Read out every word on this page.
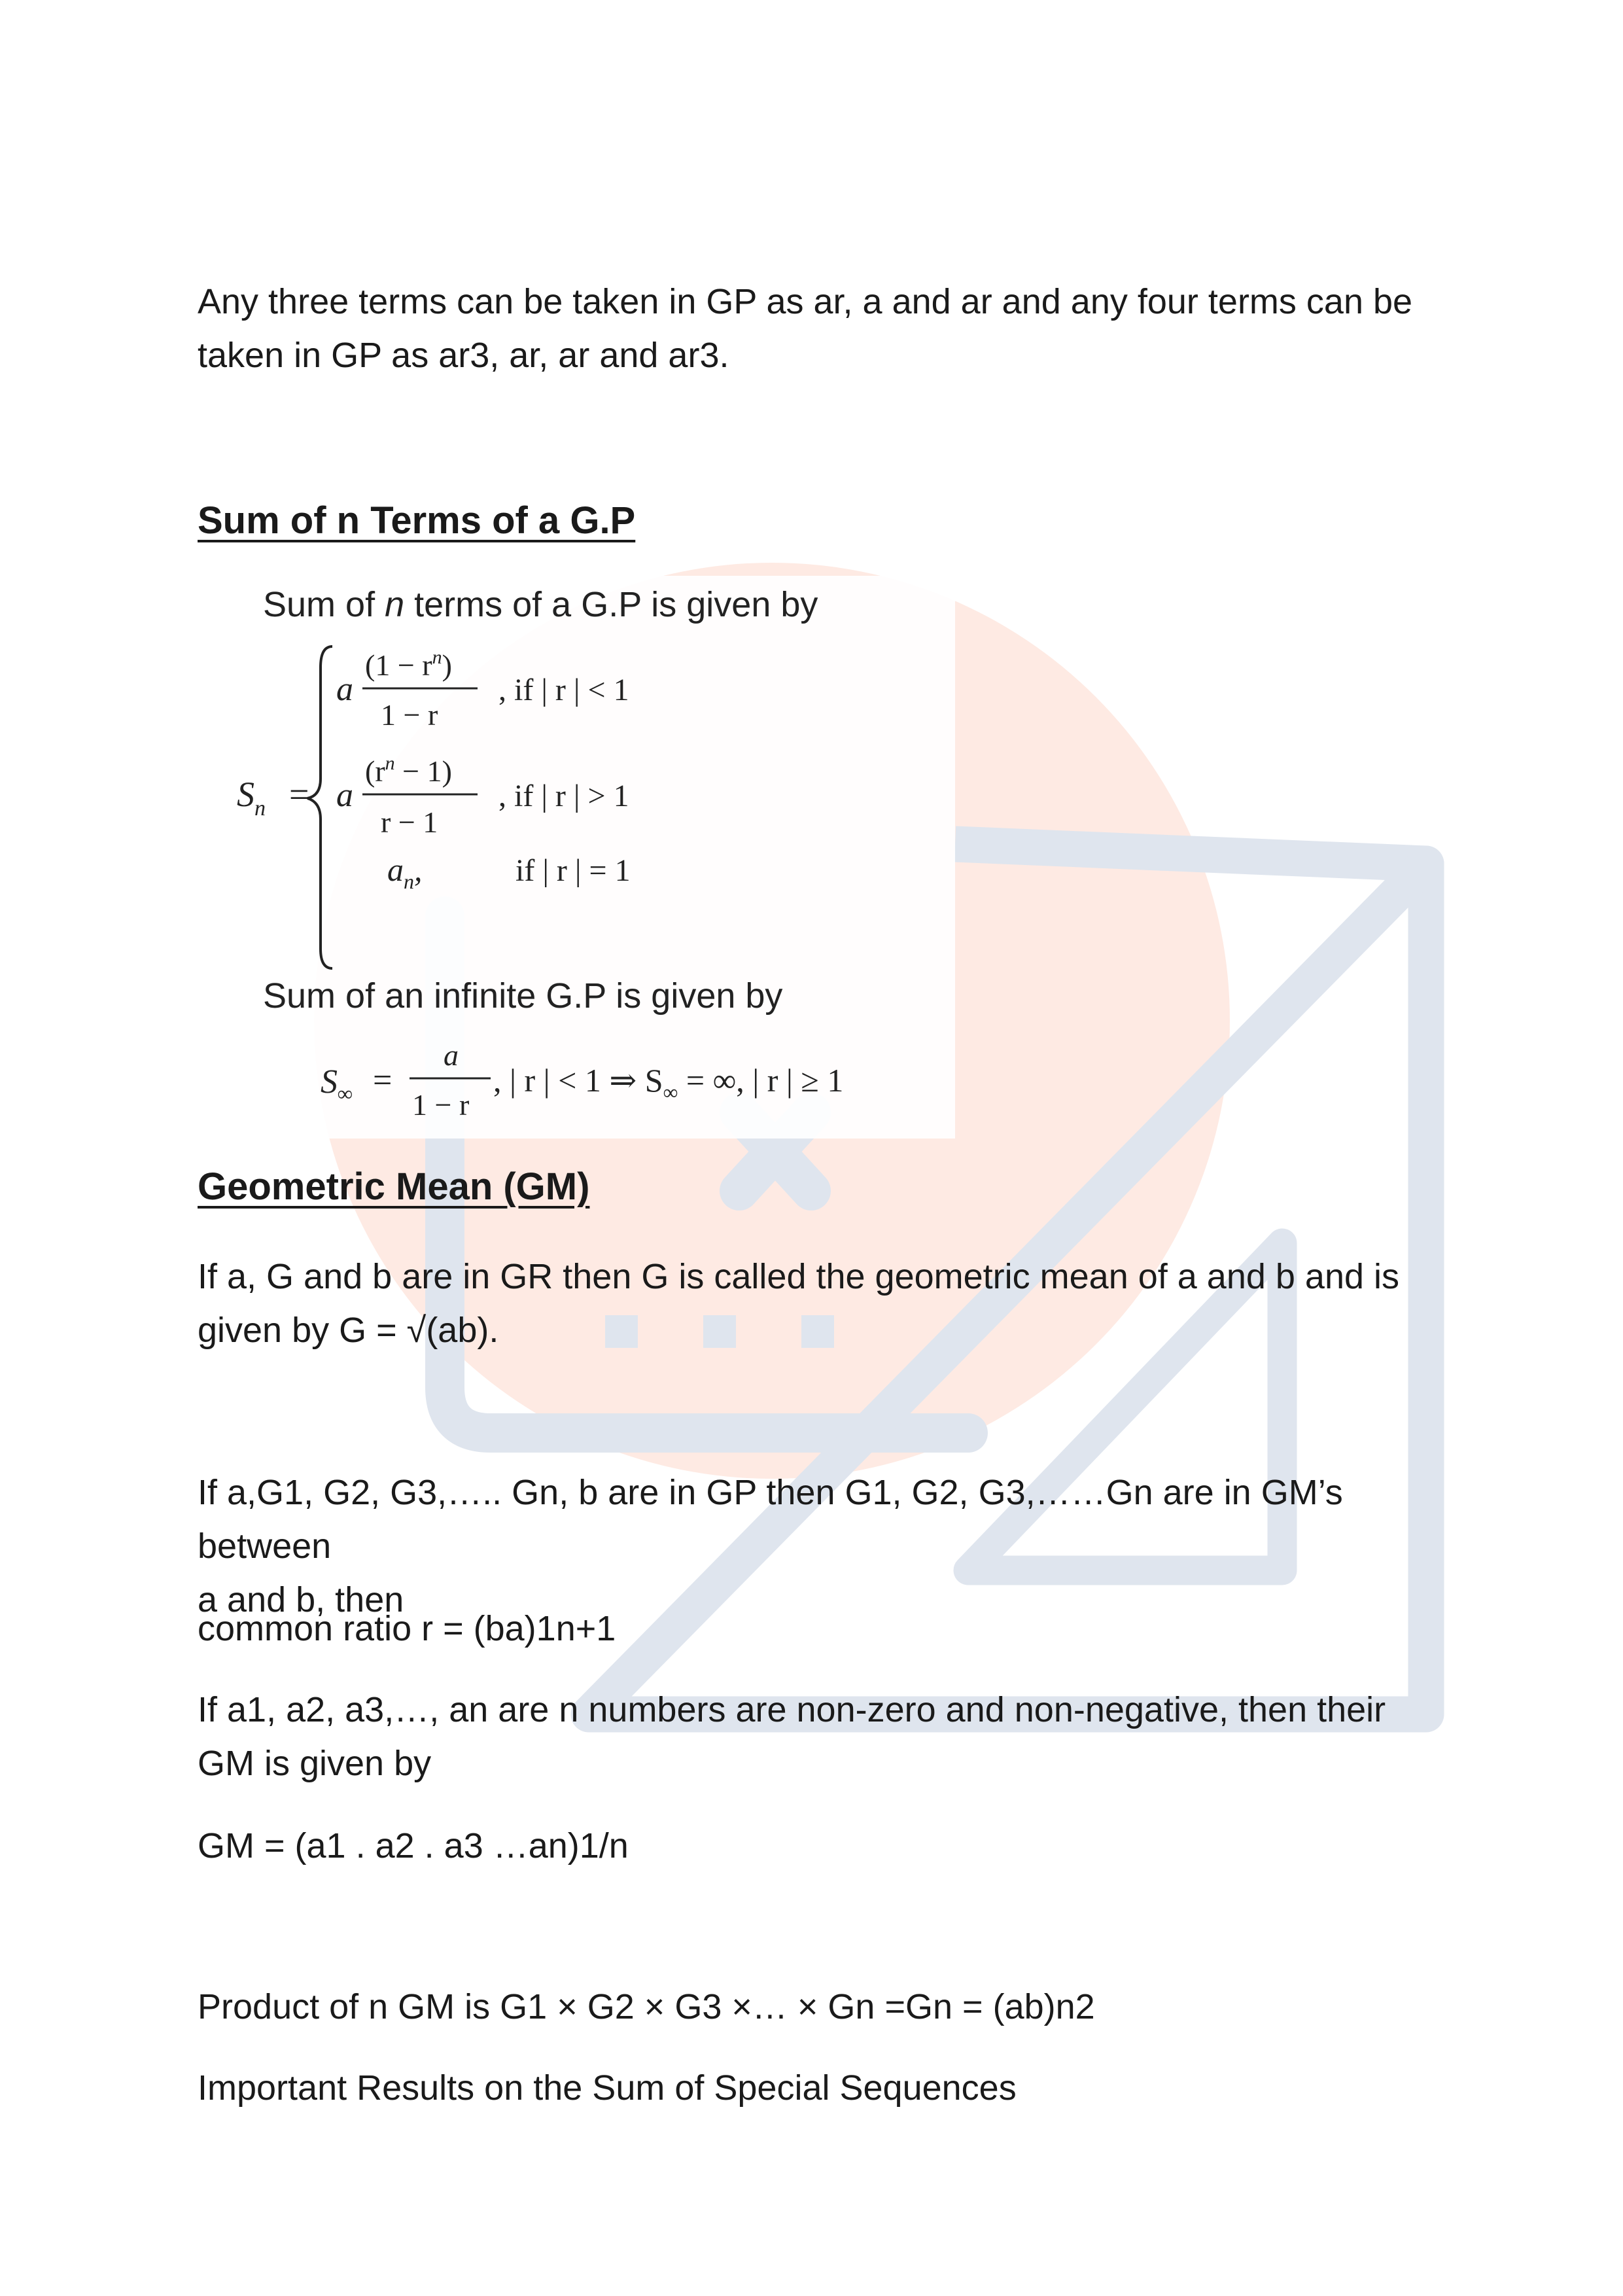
Any three terms can be taken in GP as ar, a and ar and any four terms can be
taken in GP as ar3, ar, ar and ar3.

Sum of n Terms of a G.P
Sum of n terms of a G.P is given by
$S_n$ =
a
$(1 - r^n)$
1 − r
, if | r | < 1
a
$(r^n - 1)$
r − 1
, if | r | > 1
$a_n$,	if | r | = 1
Sum of an infinite G.P is given by
$S_\infty$ =
a
1 − r
, | r | < 1 ⇒ $S_\infty$ = ∞, | r | ≥ 1
Geometric Mean (GM)

If a, G and b are in GR then G is called the geometric mean of a and b and is
given by G = √(ab).

If a,G1, G2, G3,….. Gn, b are in GP then G1, G2, G3,……Gn are in GM’s between
a and b, then

common ratio r = (ba)1n+1

If a1, a2, a3,…, an are n numbers are non-zero and non-negative, then their
GM is given by

GM = (a1 . a2 . a3 …an)1/n

Product of n GM is G1 × G2 × G3 ×… × Gn =Gn = (ab)n2

Important Results on the Sum of Special Sequences
